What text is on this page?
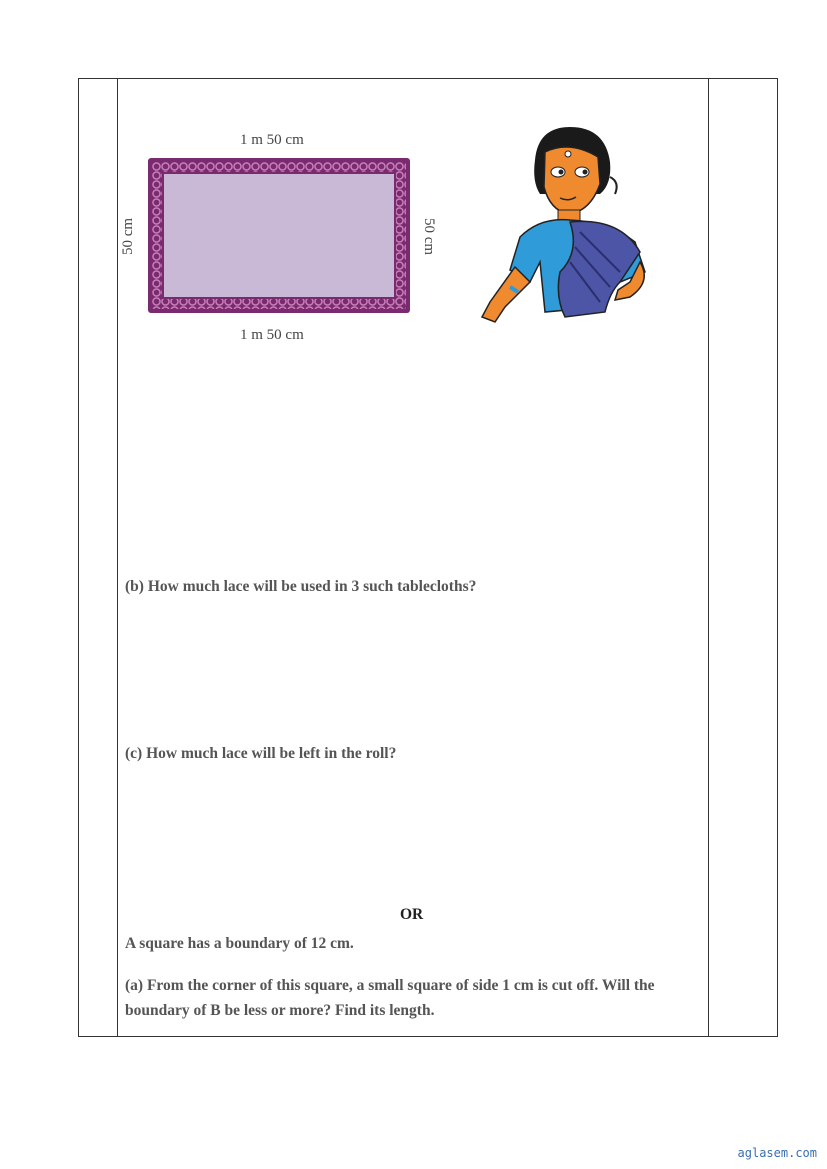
1 m 50 cm
1 m 50 cm
50 cm	50 cm
(b) How much lace will be used in 3 such tablecloths?
(c) How much lace will be left in the roll?
OR
A square has a boundary of 12 cm.
(a) From the corner of this square, a small square of side 1 cm is cut off. Will the
boundary of B be less or more? Find its length.
aglasem.com
